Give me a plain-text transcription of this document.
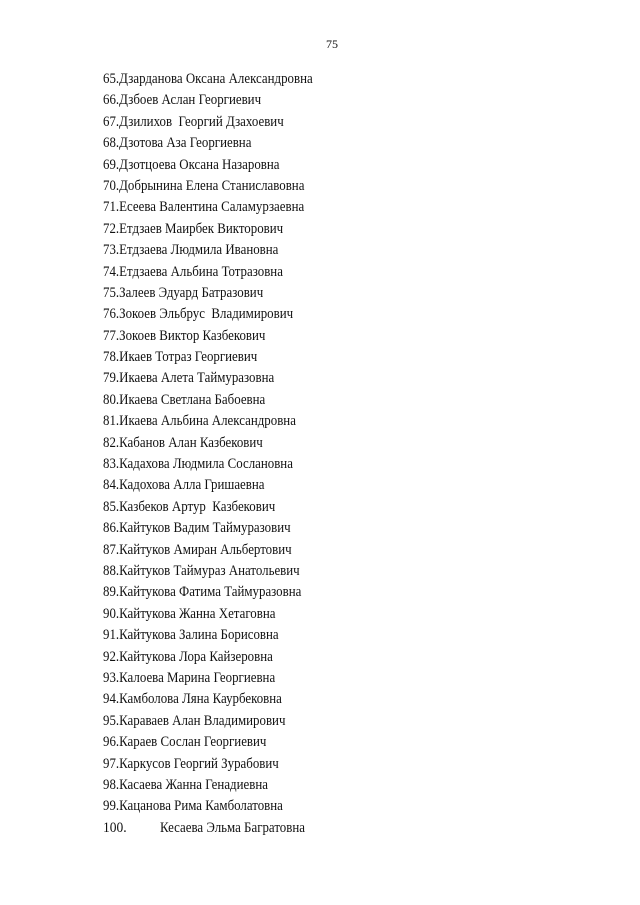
75
65.Дзарданова Оксана Александровна
66.Дзбоев Аслан Георгиевич
67.Дзилихов  Георгий Дзахоевич
68.Дзотова Аза Георгиевна
69.Дзотцоева Оксана Назаровна
70.Добрынина Елена Станиславовна
71.Есеева Валентина Саламурзаевна
72.Етдзаев Маирбек Викторович
73.Етдзаева Людмила Ивановна
74.Етдзаева Альбина Тотразовна
75.Залеев Эдуард Батразович
76.Зокоев Эльбрус  Владимирович
77.Зокоев Виктор Казбекович
78.Икаев Тотраз Георгиевич
79.Икаева Алета Таймуразовна
80.Икаева Светлана Бабоевна
81.Икаева Альбина Александровна
82.Кабанов Алан Казбекович
83.Кадахова Людмила Сослановна
84.Кадохова Алла Гришаевна
85.Казбеков Артур  Казбекович
86.Кайтуков Вадим Таймуразович
87.Кайтуков Амиран Альбертович
88.Кайтуков Таймураз Анатольевич
89.Кайтукова Фатима Таймуразовна
90.Кайтукова Жанна Хетаговна
91.Кайтукова Залина Борисовна
92.Кайтукова Лора Кайзеровна
93.Калоева Марина Георгиевна
94.Камболова Ляна Каурбековна
95.Караваев Алан Владимирович
96.Караев Сослан Георгиевич
97.Каркусов Георгий Зурабович
98.Касаева Жанна Генадиевна
99.Кацанова Рима Камболатовна

100.

Кесаева Эльма Багратовна
